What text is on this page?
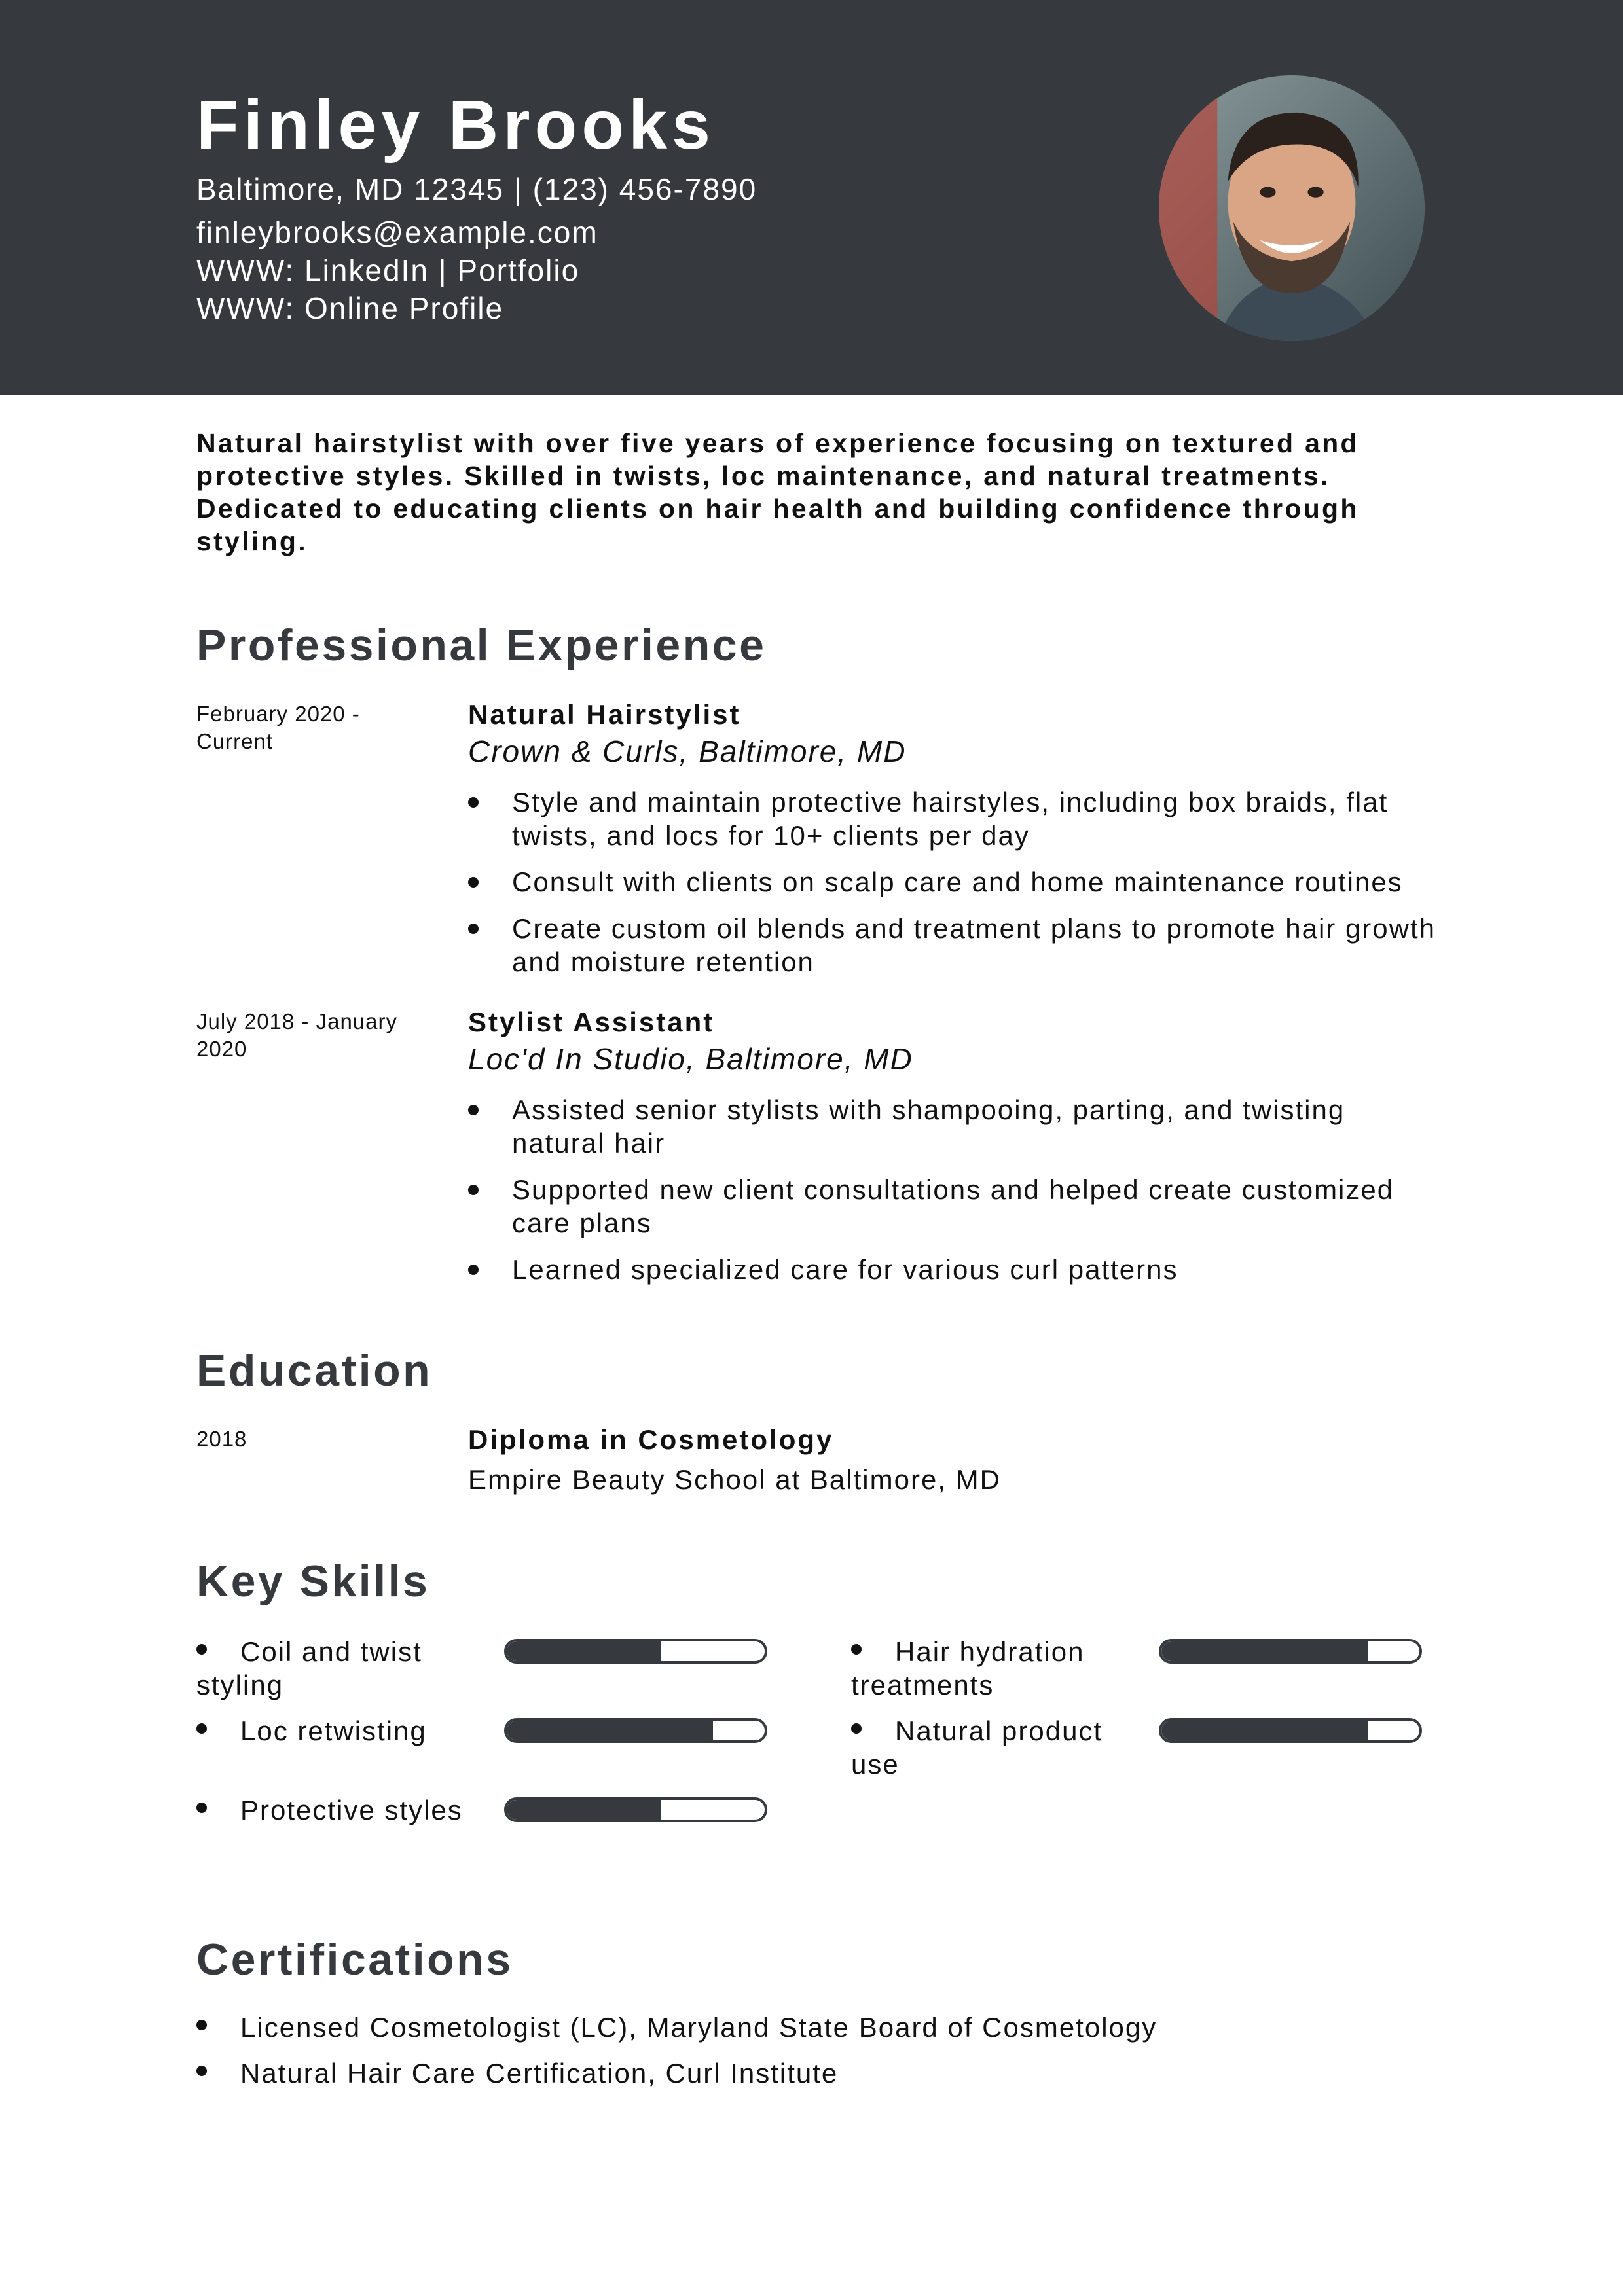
Finley Brooks
Baltimore, MD 12345 | (123) 456-7890
finleybrooks@example.com
WWW: LinkedIn | Portfolio
WWW: Online Profile

Natural hairstylist with over five years of experience focusing on textured and protective styles. Skilled in twists, loc maintenance, and natural treatments. Dedicated to educating clients on hair health and building confidence through styling.

Professional Experience
February 2020 - Current
Natural Hairstylist
Crown & Curls, Baltimore, MD
Style and maintain protective hairstyles, including box braids, flat twists, and locs for 10+ clients per day
Consult with clients on scalp care and home maintenance routines
Create custom oil blends and treatment plans to promote hair growth and moisture retention
July 2018 - January 2020
Stylist Assistant
Loc'd In Studio, Baltimore, MD
Assisted senior stylists with shampooing, parting, and twisting natural hair
Supported new client consultations and helped create customized care plans
Learned specialized care for various curl patterns
Education
2018	Diploma in Cosmetology
Empire Beauty School at Baltimore, MD
Key Skills
Coil and twist styling
Hair hydration treatments
Loc retwisting	Natural product use
Protective styles
Certifications
Licensed Cosmetologist (LC), Maryland State Board of Cosmetology
Natural Hair Care Certification, Curl Institute
